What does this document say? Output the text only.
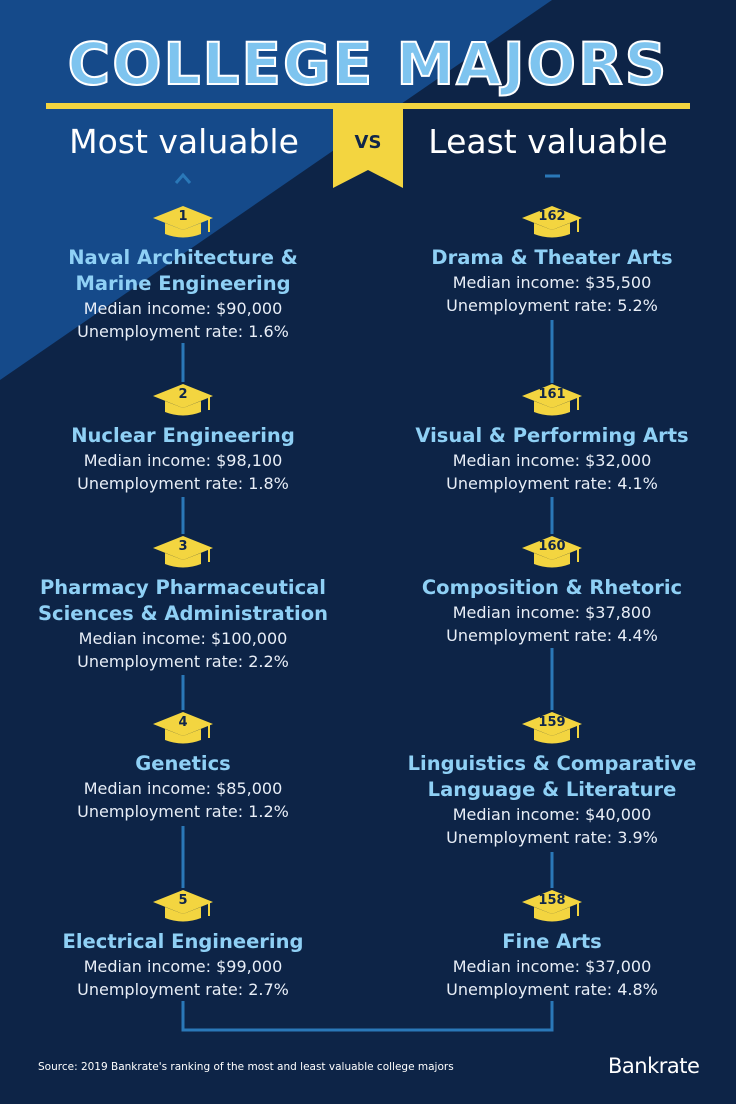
COLLEGE MAJORS
VS
Most valuable	Least valuable
1
Naval Architecture & Marine Engineering
Median income: $90,000
Unemployment rate: 1.6%
2
Nuclear Engineering
Median income: $98,100
Unemployment rate: 1.8%
3
Pharmacy Pharmaceutical Sciences & Administration
Median income: $100,000
Unemployment rate: 2.2%
4
Genetics
Median income: $85,000
Unemployment rate: 1.2%
5
Electrical Engineering
Median income: $99,000
Unemployment rate: 2.7%
162
Drama & Theater Arts
Median income: $35,500
Unemployment rate: 5.2%
161
Visual & Performing Arts
Median income: $32,000
Unemployment rate: 4.1%
160
Composition & Rhetoric
Median income: $37,800
Unemployment rate: 4.4%
159
Linguistics & Comparative Language & Literature
Median income: $40,000
Unemployment rate: 3.9%
158
Fine Arts
Median income: $37,000
Unemployment rate: 4.8%
Source: 2019 Bankrate's ranking of the most and least valuable college majors	Bankrate
